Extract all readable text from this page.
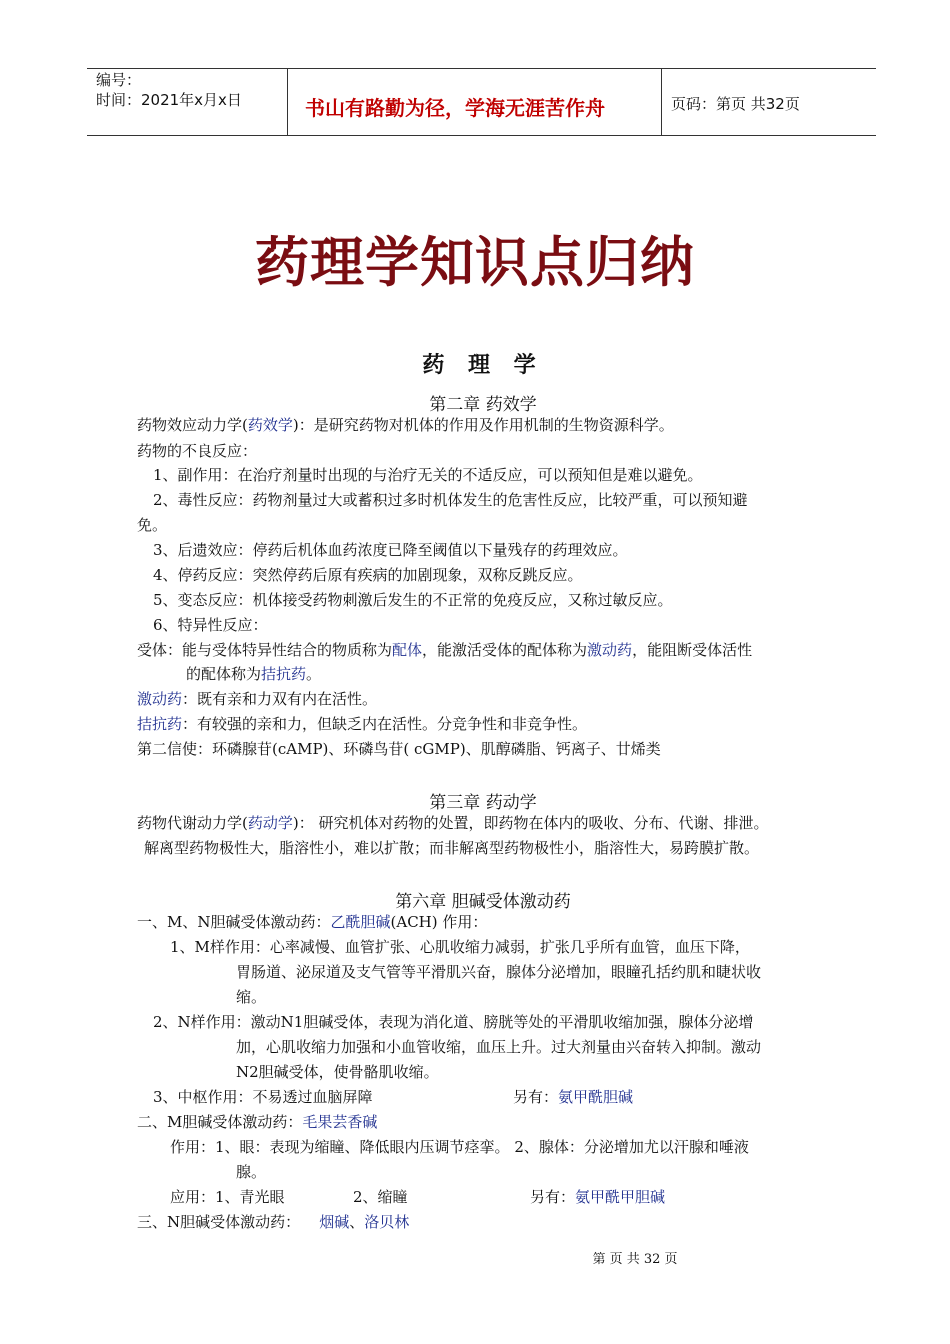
编号：
时间：2021年x月x日	书山有路勤为径，学海无涯苦作舟	页码：第页 共32页
药理学知识点归纳
药 理 学
第二章 药效学
药物效应动力学(药效学)：是研究药物对机体的作用及作用机制的生物资源科学。
药物的不良反应：
1、副作用：在治疗剂量时出现的与治疗无关的不适反应，可以预知但是难以避免。
2、毒性反应：药物剂量过大或蓄积过多时机体发生的危害性反应，比较严重，可以预知避
免。
3、后遗效应：停药后机体血药浓度已降至阈值以下量残存的药理效应。
4、停药反应：突然停药后原有疾病的加剧现象，双称反跳反应。
5、变态反应：机体接受药物刺激后发生的不正常的免疫反应，又称过敏反应。
6、特异性反应：
受体：能与受体特异性结合的物质称为配体，能激活受体的配体称为激动药，能阻断受体活性
的配体称为拮抗药。
激动药：既有亲和力双有内在活性。
拮抗药：有较强的亲和力，但缺乏内在活性。分竞争性和非竞争性。
第二信使：环磷腺苷(cAMP)、环磷鸟苷( cGMP)、肌醇磷脂、钙离子、廿烯类
第三章 药动学
药物代谢动力学(药动学)： 研究机体对药物的处置，即药物在体内的吸收、分布、代谢、排泄。
解离型药物极性大，脂溶性小，难以扩散；而非解离型药物极性小，脂溶性大，易跨膜扩散。
第六章 胆碱受体激动药
一、M、N胆碱受体激动药：乙酰胆碱(ACH) 作用：
1、M样作用：心率减慢、血管扩张、心肌收缩力减弱，扩张几乎所有血管，血压下降，
胃肠道、泌尿道及支气管等平滑肌兴奋，腺体分泌增加，眼瞳孔括约肌和睫状收
缩。
2、N样作用：激动N1胆碱受体，表现为消化道、膀胱等处的平滑肌收缩加强，腺体分泌增
加，心肌收缩力加强和小血管收缩，血压上升。过大剂量由兴奋转入抑制。激动
N2胆碱受体，使骨骼肌收缩。
3、中枢作用：不易透过血脑屏障	另有：氨甲酰胆碱
二、M胆碱受体激动药：毛果芸香碱
作用：1、眼：表现为缩瞳、降低眼内压调节痉挛。 2、腺体：分泌增加尤以汗腺和唾液
腺。
应用：1、青光眼	2、缩瞳	另有：氨甲酰甲胆碱
三、N胆碱受体激动药： 烟碱、洛贝林
第 页 共 32 页
